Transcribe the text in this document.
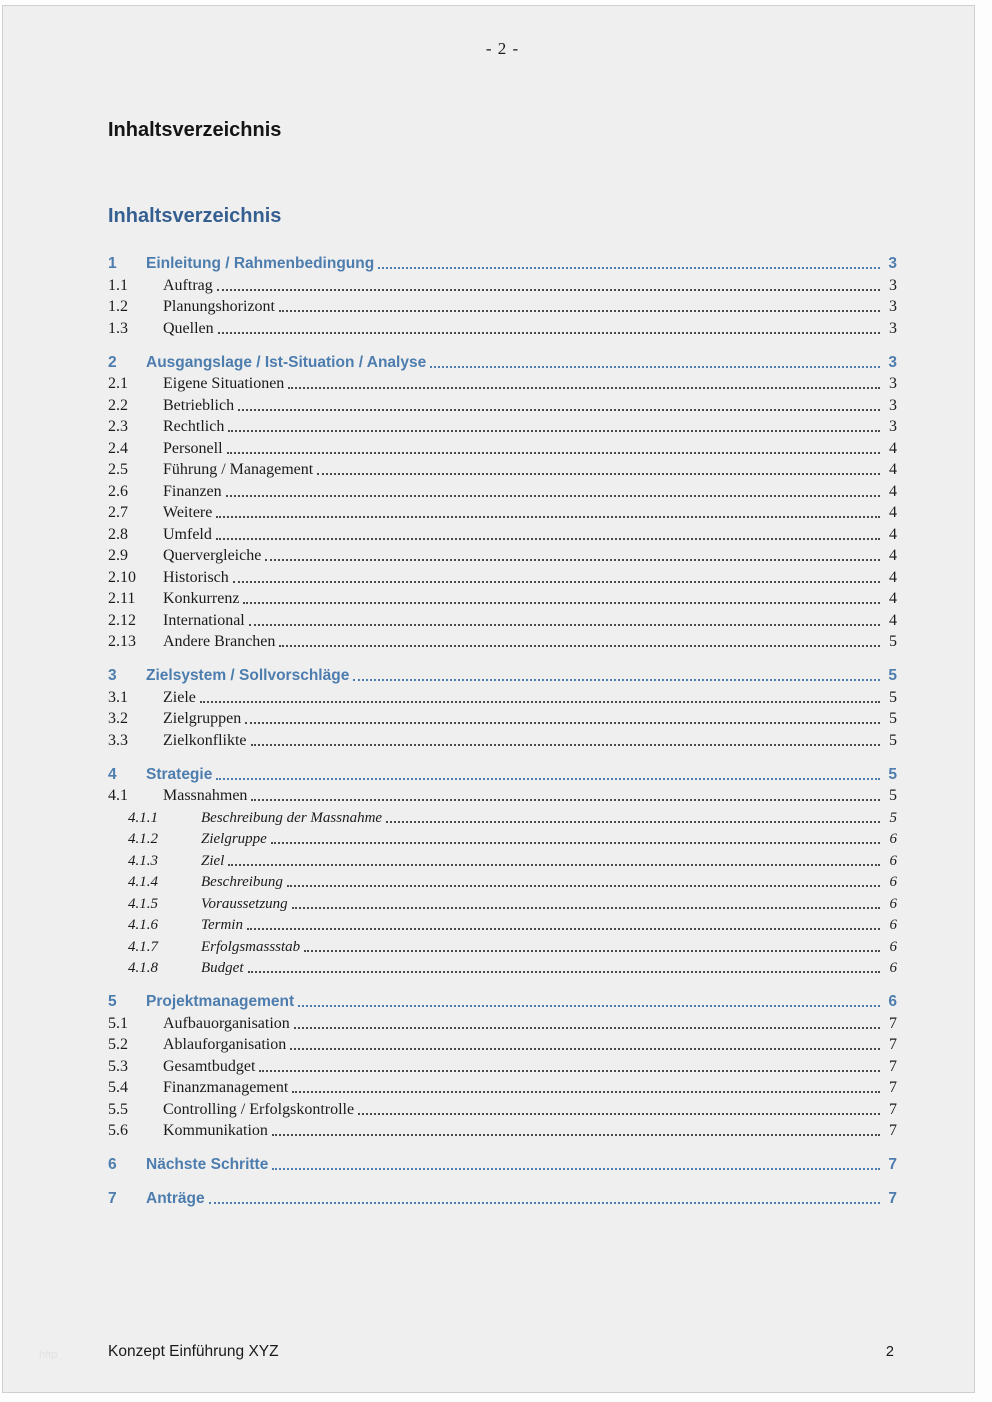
- 2 -
Inhaltsverzeichnis
Inhaltsverzeichnis
1	Einleitung / Rahmenbedingung	3
1.1	Auftrag	3
1.2	Planungshorizont	3
1.3	Quellen	3
2	Ausgangslage / Ist-Situation / Analyse	3
2.1	Eigene Situationen	3
2.2	Betrieblich	3
2.3	Rechtlich	3
2.4	Personell	4
2.5	Führung / Management	4
2.6	Finanzen	4
2.7	Weitere	4
2.8	Umfeld	4
2.9	Quervergleiche	4
2.10	Historisch	4
2.11	Konkurrenz	4
2.12	International	4
2.13	Andere Branchen	5
3	Zielsystem / Sollvorschläge	5
3.1	Ziele	5
3.2	Zielgruppen	5
3.3	Zielkonflikte	5
4	Strategie	5
4.1	Massnahmen	5
4.1.1	Beschreibung der Massnahme	5
4.1.2	Zielgruppe	6
4.1.3	Ziel	6
4.1.4	Beschreibung	6
4.1.5	Voraussetzung	6
4.1.6	Termin	6
4.1.7	Erfolgsmassstab	6
4.1.8	Budget	6
5	Projektmanagement	6
5.1	Aufbauorganisation	7
5.2	Ablauforganisation	7
5.3	Gesamtbudget	7
5.4	Finanzmanagement	7
5.5	Controlling / Erfolgskontrolle	7
5.6	Kommunikation	7
6	Nächste Schritte	7
7	Anträge	7
http	Konzept Einführung XYZ	2
